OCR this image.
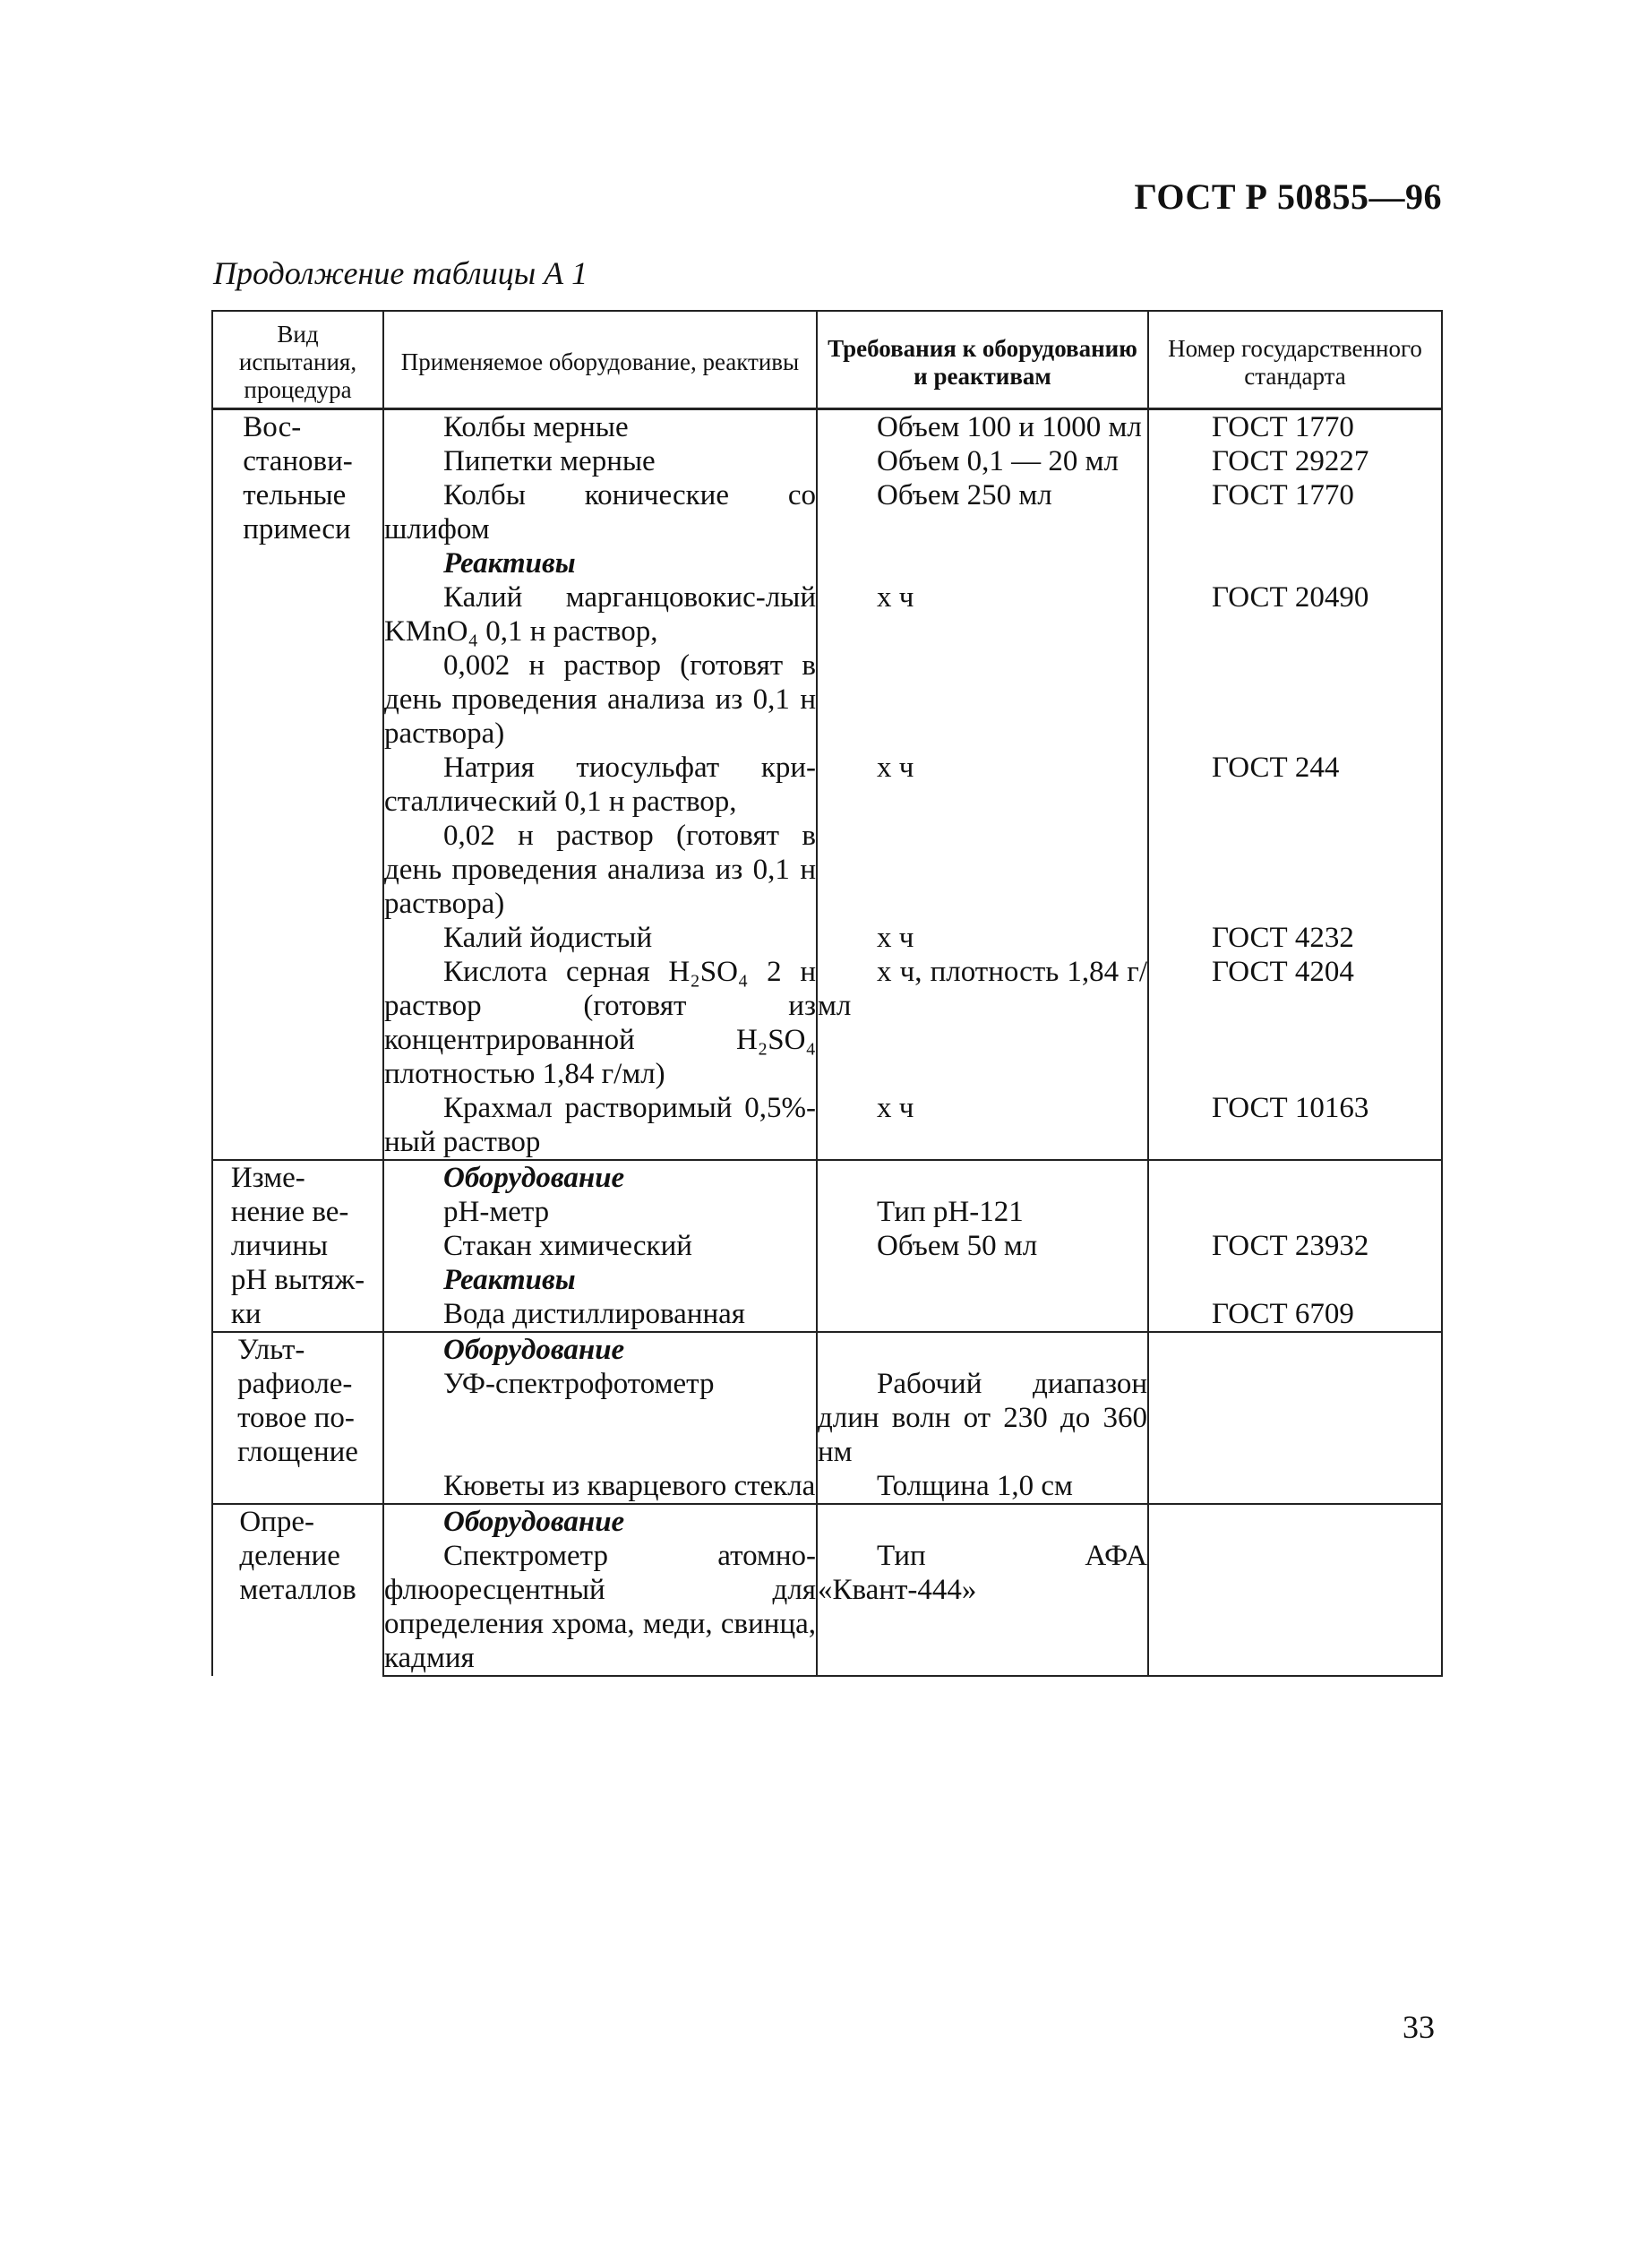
ГОСТ Р 50855—96
Продолжение таблицы А 1
Вид испытания, процедура	Применяемое оборудование, реактивы	Требования к оборудованию и реактивам	Номер государственного стандарта
Вос-
станови-
тельные
примеси	Колбы мерные	Объем 100 и 1000 мл	ГОСТ 1770

	Пипетки мерные	Объем 0,1 — 20 мл	ГОСТ 29227

	Колбы конические со шлифом	Объем 250 мл	ГОСТ 1770

	Реактивы		

	Калий марганцовокис-лый KMnO₄ 0,1 н раствор,	х ч	ГОСТ 20490

	0,002 н раствор (готовят в день проведения анализа из 0,1 н раствора)		

	Натрия тиосульфат кри-сталлический 0,1 н раствор,	х ч	ГОСТ 244

	0,02 н раствор (готовят в день проведения анализа из 0,1 н раствора)		

	Калий йодистый	х ч	ГОСТ 4232

	Кислота серная H₂SO₄ 2 н раствор (готовят из концентрированной H₂SO₄ плотностью 1,84 г/мл)	х ч, плотность 1,84 г/мл	ГОСТ 4204

	Крахмал растворимый 0,5%-ный раствор	х ч	ГОСТ 10163
Изме-
нение ве-
личины
pH вытяж-
ки	Оборудование		

	pH-метр	Тип pH-121	

	Стакан химический	Объем 50 мл	ГОСТ 23932

	Реактивы		

	Вода дистиллированная		ГОСТ 6709
Ульт-
рафиоле-
товое по-
глощение	Оборудование		

	УФ-спектрофотометр	Рабочий диапазон длин волн от 230 до 360 нм	

	Кюветы из кварцевого стекла	Толщина 1,0 см	

Опре-
деление
металлов	Оборудование		

	Спектрометр атомно-флюоресцентный для определения хрома, меди, свинца, кадмия	Тип АФА «Квант-444»	

33
